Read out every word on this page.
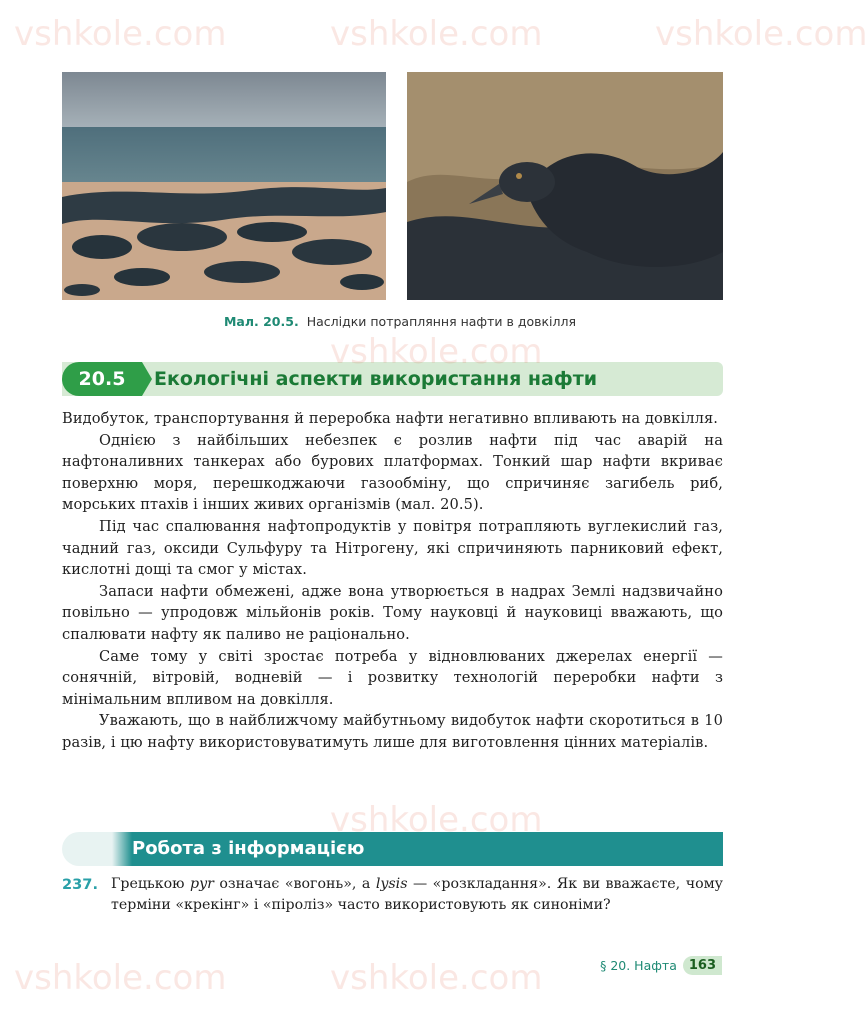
Мал. 20.5. Наслідки потрапляння нафти в довкілля
20.5	Екологічні аспекти використання нафти

Видобуток, транспортування й переробка нафти негативно впливають на довкілля.

Однією з найбільших небезпек є розлив нафти під час аварій на нафтоналивних танкерах або бурових платформах. Тонкий шар нафти вкриває поверхню моря, перешкоджаючи газообміну, що спричиняє загибель риб, морських птахів і інших живих організмів (мал. 20.5).

Під час спалювання нафтопродуктів у повітря потрапляють вуглекислий газ, чадний газ, оксиди Сульфуру та Нітрогену, які спричиняють парниковий ефект, кислотні дощі та смог у містах.

Запаси нафти обмежені, адже вона утворюється в надрах Землі надзвичайно повільно — упродовж мільйонів років. Тому науковці й науковиці вважають, що спалювати нафту як паливо не раціонально.

Саме тому у світі зростає потреба у відновлюваних джерелах енергії — сонячній, вітровій, водневій — і розвитку технологій переробки нафти з мінімальним впливом на довкілля.

Уважають, що в найближчому майбутньому видобуток нафти скоротиться в 10 разів, і цю нафту використовуватимуть лише для виготовлення цінних матеріалів.

Робота з інформацією
237. Грецькою pyr означає «вогонь», а lysis — «розкладання». Як ви вважаєте, чому терміни «крекінг» і «піроліз» часто використовують як синоніми?
§ 20. Нафта 163
vshkole.com	vshkole.com	vshkole.com
vshkole.com
vshkole.com
vshkole.com
vshkole.com
